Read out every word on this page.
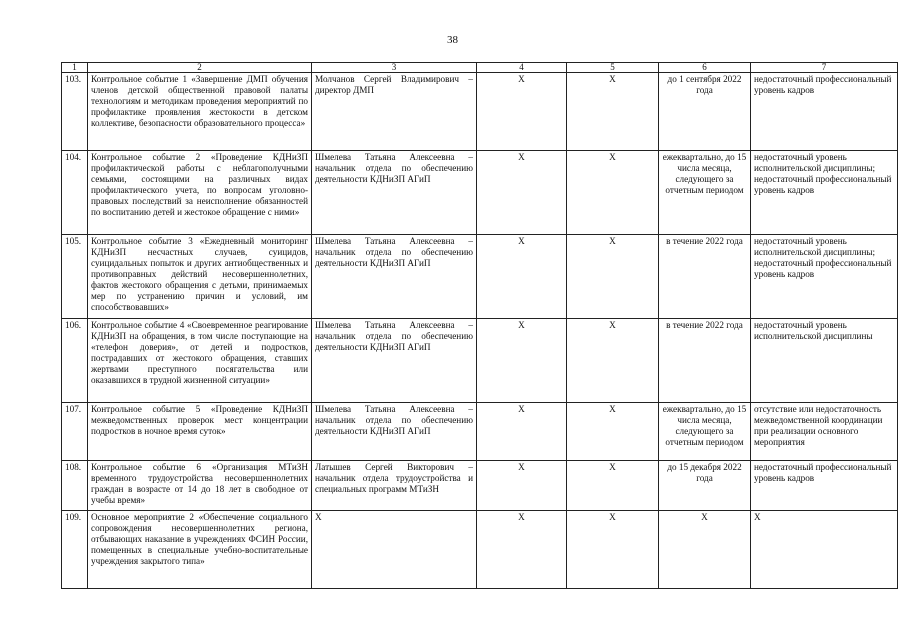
38
1	2	3	4	5	6	7
103.	Контрольное событие 1 «Завершение ДМП обучения членов детской общественной правовой палаты технологиям и методикам проведения мероприятий по профилактике проявления жестокости в детском коллективе, безопасности образовательного процесса»	Молчанов Сергей Владимирович – директор ДМП	X	X	до 1 сентября 2022 года	недостаточный профессиональный уровень кадров
104.	Контрольное событие 2 «Проведение КДНиЗП профилактической работы с неблагополучными семьями, состоящими на различных видах профилактического учета, по вопросам уголовно-правовых последствий за неисполнение обязанностей по воспитанию детей и жестокое обращение с ними»	Шмелева Татьяна Алексеевна – начальник отдела по обеспечению деятельности КДНиЗП АГиП	X	X	ежеквартально, до 15 числа месяца, следующего за отчетным периодом	недостаточный уровень исполнительской дисциплины; недостаточный профессиональный уровень кадров
105.	Контрольное событие 3 «Ежедневный мониторинг КДНиЗП несчастных случаев, суицидов, суицидальных попыток и других антиобщественных и противоправных действий несовершеннолетних, фактов жестокого обращения с детьми, принимаемых мер по устранению причин и условий, им способствовавших»	Шмелева Татьяна Алексеевна – начальник отдела по обеспечению деятельности КДНиЗП АГиП	X	X	в течение 2022 года	недостаточный уровень исполнительской дисциплины; недостаточный профессиональный уровень кадров
106.	Контрольное событие 4 «Своевременное реагирование КДНиЗП на обращения, в том числе поступающие на «телефон доверия», от детей и подростков, пострадавших от жестокого обращения, ставших жертвами преступного посягательства или оказавшихся в трудной жизненной ситуации»	Шмелева Татьяна Алексеевна – начальник отдела по обеспечению деятельности КДНиЗП АГиП	X	X	в течение 2022 года	недостаточный уровень исполнительской дисциплины
107.	Контрольное событие 5 «Проведение КДНиЗП межведомственных проверок мест концентрации подростков в ночное время суток»	Шмелева Татьяна Алексеевна – начальник отдела по обеспечению деятельности КДНиЗП АГиП	X	X	ежеквартально, до 15 числа месяца, следующего за отчетным периодом	отсутствие или недостаточность межведомственной координации при реализации основного мероприятия
108.	Контрольное событие 6 «Организация МТиЗН временного трудоустройства несовершеннолетних граждан в возрасте от 14 до 18 лет в свободное от учебы время»	Латышев Сергей Викторович – начальник отдела трудоустройства и специальных программ МТиЗН	X	X	до 15 декабря 2022 года	недостаточный профессиональный уровень кадров
109.	Основное мероприятие 2 «Обеспечение социального сопровождения несовершеннолетних региона, отбывающих наказание в учреждениях ФСИН России, помещенных в специальные учебно-воспитательные учреждения закрытого типа»	X	X	X	X	X
